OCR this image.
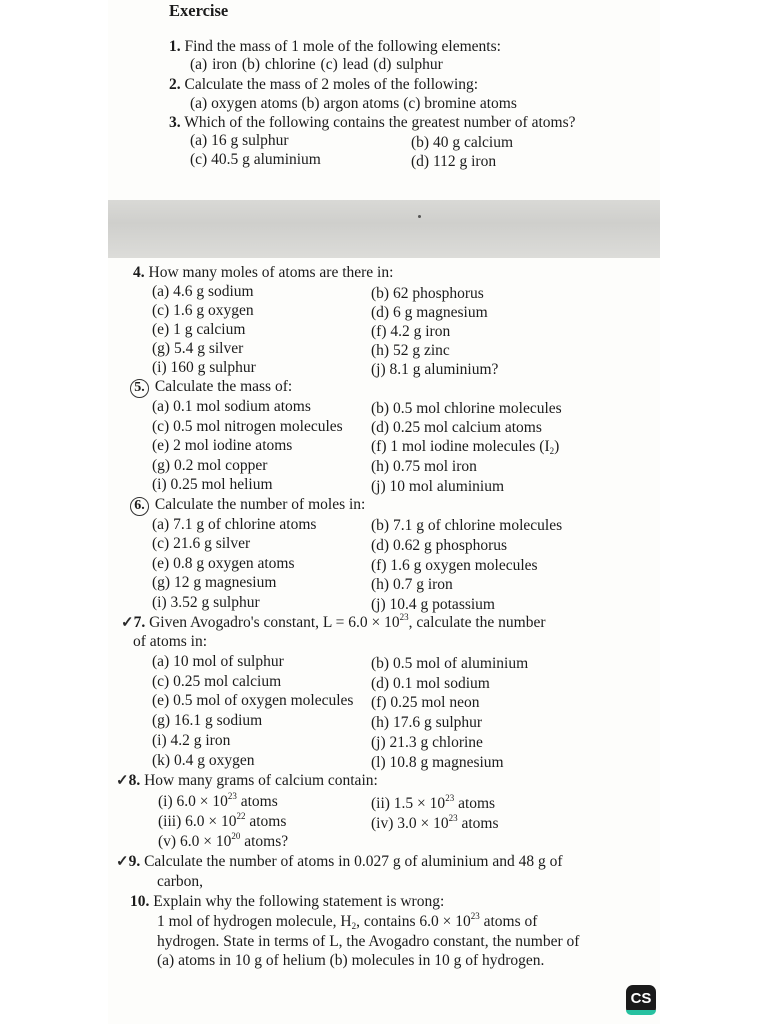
Exercise
1. Find the mass of 1 mole of the following elements:
(a) iron (b) chlorine (c) lead (d) sulphur
2. Calculate the mass of 2 moles of the following:
(a) oxygen atoms (b) argon atoms (c) bromine atoms
3. Which of the following contains the greatest number of atoms?
(a) 16 g sulphur	(b) 40 g calcium
(c) 40.5 g aluminium	(d) 112 g iron
4. How many moles of atoms are there in:
(a) 4.6 g sodium	(b) 62 phosphorus
(c) 1.6 g oxygen	(d) 6 g magnesium
(e) 1 g calcium	(f) 4.2 g iron
(g) 5.4 g silver	(h) 52 g zinc
(i) 160 g sulphur	(j) 8.1 g aluminium?
5. Calculate the mass of:
(a) 0.1 mol sodium atoms	(b) 0.5 mol chlorine molecules
(c) 0.5 mol nitrogen molecules (d) 0.25 mol calcium atoms
(e) 2 mol iodine atoms	(f) 1 mol iodine molecules $(I_2)$
(g) 0.2 mol copper	(h) 0.75 mol iron
(i) 0.25 mol helium	(j) 10 mol aluminium
6. Calculate the number of moles in:
(a) 7.1 g of chlorine atoms	(b) 7.1 g of chlorine molecules
(c) 21.6 g silver	(d) 0.62 g phosphorus
(e) 0.8 g oxygen atoms	(f) 1.6 g oxygen molecules
(g) 12 g magnesium	(h) 0.7 g iron
(i) 3.52 g sulphur	(j) 10.4 g potassium
✓7. Given Avogadro's constant, $L = 6.0 \times 10^{23}$, calculate the number
of atoms in:
(a) 10 mol of sulphur	(b) 0.5 mol of aluminium
(c) 0.25 mol calcium	(d) 0.1 mol sodium
(e) 0.5 mol of oxygen molecules (f) 0.25 mol neon
(g) 16.1 g sodium	(h) 17.6 g sulphur
(i) 4.2 g iron	(j) 21.3 g chlorine
(k) 0.4 g oxygen	(l) 10.8 g magnesium
✓8. How many grams of calcium contain:
(i) $6.0 \times 10^{23}$ atoms	(ii) $1.5 \times 10^{23}$ atoms
(iii) $6.0 \times 10^{22}$ atoms	(iv) $3.0 \times 10^{23}$ atoms
(v) $6.0 \times 10^{20}$ atoms?
✓9. Calculate the number of atoms in 0.027 g of aluminium and 48 g of
carbon,
10. Explain why the following statement is wrong:
1 mol of hydrogen molecule, $H_2$, contains $6.0 \times 10^{23}$ atoms of
hydrogen. State in terms of L, the Avogadro constant, the number of
(a) atoms in 10 g of helium (b) molecules in 10 g of hydrogen.
CS
